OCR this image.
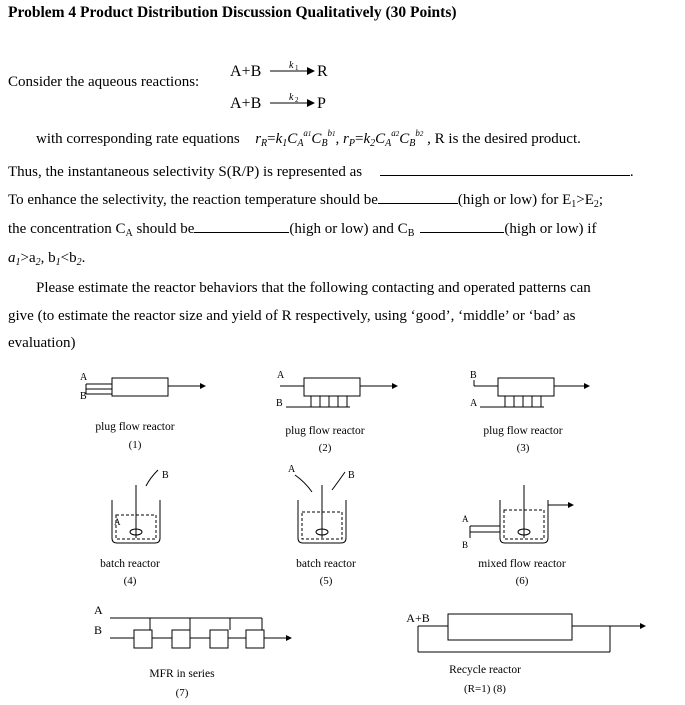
Problem 4 Product Distribution Discussion Qualitatively (30 Points)
Consider the aqueous reactions:
A+B	k 1 R
A+B	k 2 P
with corresponding rate equations $r_R=k_1C_A^{a1}C_B^{b1}$, $r_P=k_2C_A^{a2}C_B^{b2}$ , R is the desired product.
Thus, the instantaneous selectivity S(R/P) is represented as	.
To enhance the selectivity, the reaction temperature should be	(high or low) for $E_1>E_2$;
the concentration $C_A$ should be	(high or low) and $C_B$	(high or low) if
$a_1>a_2$, $b_1<b_2$.
Please estimate the reactor behaviors that the following contacting and operated patterns can
give (to estimate the reactor size and yield of R respectively, using ‘good’, ‘middle’ or ‘bad’ as
evaluation)
A
B
plug flow reactor
(1)
A
B
plug flow reactor
(2)
B
A
plug flow reactor
(3)
B
A
batch reactor
(4)
A
B
batch reactor
(5)
A
B
mixed flow reactor
(6)
A
B
MFR in series
(7)
A+B
Recycle reactor
(R=1) (8)
